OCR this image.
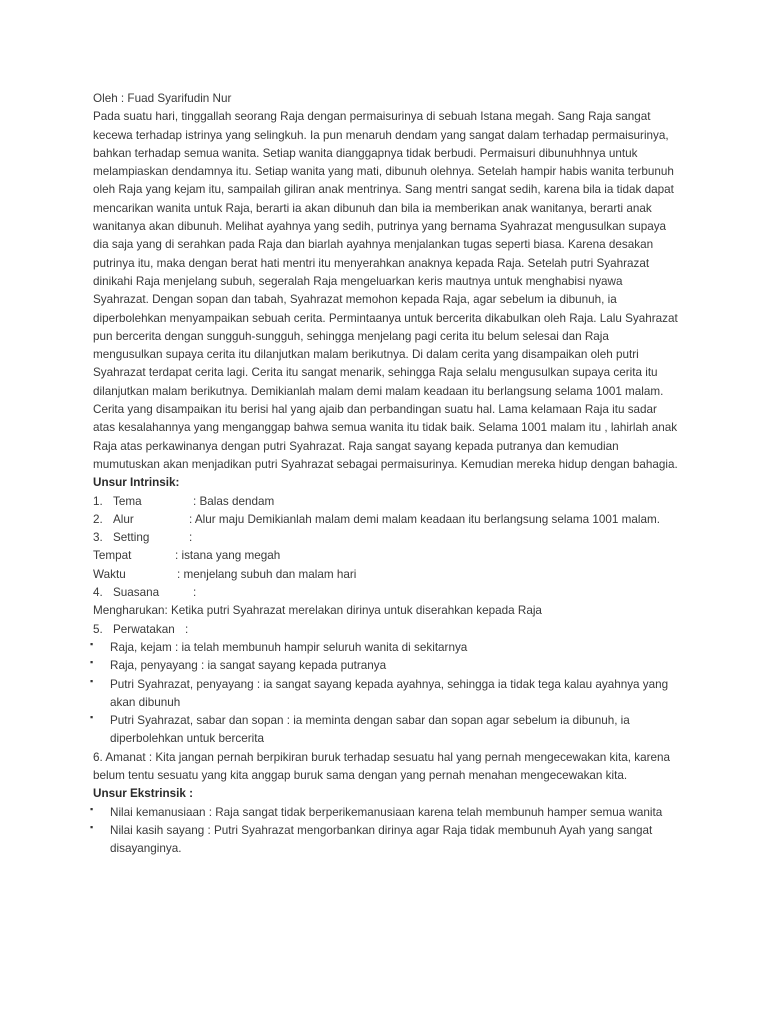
Oleh : Fuad Syarifudin Nur
Pada suatu hari, tinggallah seorang Raja dengan permaisurinya di sebuah Istana megah. Sang Raja sangat
kecewa terhadap istrinya yang selingkuh. Ia pun menaruh dendam yang sangat dalam terhadap permaisurinya,
bahkan terhadap semua wanita. Setiap wanita dianggapnya tidak berbudi. Permaisuri dibunuhhnya untuk
melampiaskan dendamnya itu. Setiap wanita yang mati, dibunuh olehnya. Setelah hampir habis wanita terbunuh
oleh Raja yang kejam itu, sampailah giliran anak mentrinya. Sang mentri sangat sedih, karena bila ia tidak dapat
mencarikan wanita untuk Raja, berarti ia akan dibunuh dan bila ia memberikan anak wanitanya, berarti anak
wanitanya akan dibunuh. Melihat ayahnya yang sedih, putrinya yang bernama Syahrazat mengusulkan supaya
dia saja yang di serahkan pada Raja dan biarlah ayahnya menjalankan tugas seperti biasa. Karena desakan
putrinya itu, maka dengan berat hati mentri itu menyerahkan anaknya kepada Raja. Setelah putri Syahrazat
dinikahi Raja menjelang subuh, segeralah Raja mengeluarkan keris mautnya untuk menghabisi nyawa
Syahrazat. Dengan sopan dan tabah, Syahrazat memohon kepada Raja, agar sebelum ia dibunuh, ia
diperbolehkan menyampaikan sebuah cerita. Permintaanya untuk bercerita dikabulkan oleh Raja. Lalu Syahrazat
pun bercerita dengan sungguh-sungguh, sehingga menjelang pagi cerita itu belum selesai dan Raja
mengusulkan supaya cerita itu dilanjutkan malam berikutnya. Di dalam cerita yang disampaikan oleh putri
Syahrazat terdapat cerita lagi. Cerita itu sangat menarik, sehingga Raja selalu mengusulkan supaya cerita itu
dilanjutkan malam berikutnya. Demikianlah malam demi malam keadaan itu berlangsung selama 1001 malam.
Cerita yang disampaikan itu berisi hal yang ajaib dan perbandingan suatu hal. Lama kelamaan Raja itu sadar
atas kesalahannya yang menganggap bahwa semua wanita itu tidak baik. Selama 1001 malam itu , lahirlah anak
Raja atas perkawinanya dengan putri Syahrazat. Raja sangat sayang kepada putranya dan kemudian
mumutuskan akan menjadikan putri Syahrazat sebagai permaisurinya. Kemudian mereka hidup dengan bahagia.
Unsur Intrinsik:
1. Tema	: Balas dendam
2. Alur	: Alur maju Demikianlah malam demi malam keadaan itu berlangsung selama 1001 malam.
3. Setting	:
Tempat	: istana yang megah
Waktu	: menjelang subuh dan malam hari
4. Suasana	:
Mengharukan: Ketika putri Syahrazat merelakan dirinya untuk diserahkan kepada Raja
5. Perwatakan :
▪ Raja, kejam : ia telah membunuh hampir seluruh wanita di sekitarnya
▪ Raja, penyayang : ia sangat sayang kepada putranya
▪ Putri Syahrazat, penyayang : ia sangat sayang kepada ayahnya, sehingga ia tidak tega kalau ayahnya yang akan dibunuh
▪ Putri Syahrazat, sabar dan sopan : ia meminta dengan sabar dan sopan agar sebelum ia dibunuh, ia diperbolehkan untuk bercerita
6. Amanat : Kita jangan pernah berpikiran buruk terhadap sesuatu hal yang pernah mengecewakan kita, karena
belum tentu sesuatu yang kita anggap buruk sama dengan yang pernah menahan mengecewakan kita.
Unsur Ekstrinsik :
▪ Nilai kemanusiaan : Raja sangat tidak berperikemanusiaan karena telah membunuh hamper semua wanita
▪ Nilai kasih sayang : Putri Syahrazat mengorbankan dirinya agar Raja tidak membunuh Ayah yang sangat disayanginya.
